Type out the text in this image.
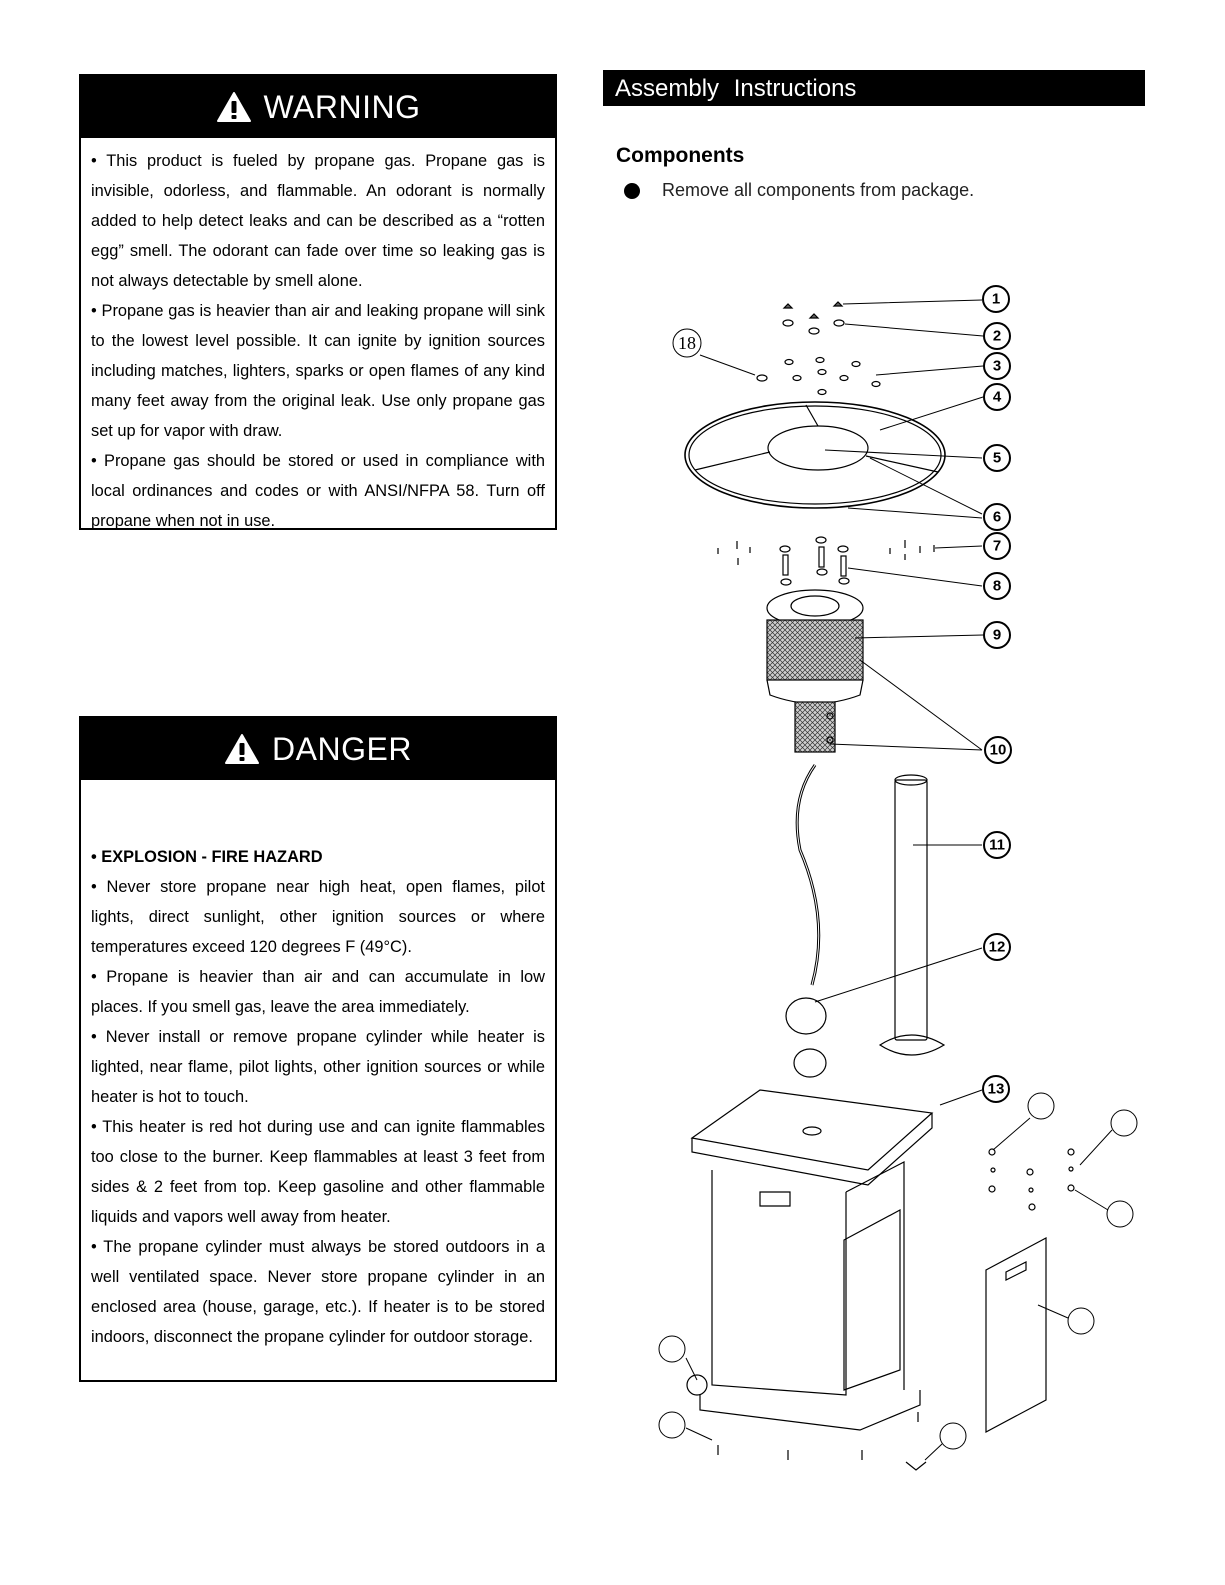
WARNING

• This product is fueled by propane gas. Propane gas is invisible, odorless, and flammable. An odorant is normally added to help detect leaks and can be described as a “rotten egg” smell. The odorant can fade over time so leaking gas is not always detectable by smell alone.

• Propane gas is heavier than air and leaking propane will sink to the lowest level possible. It can ignite by ignition sources including matches, lighters, sparks or open flames of any kind many feet away from the original leak. Use only propane gas set up for vapor with draw.

• Propane gas should be stored or used in compliance with local ordinances and codes or with ANSI/NFPA 58. Turn off propane when not in use.

DANGER

• EXPLOSION - FIRE HAZARD

• Never store propane near high heat, open flames, pilot lights, direct sunlight, other ignition sources or where temperatures exceed 120 degrees F (49°C).

• Propane is heavier than air and can accumulate in low places. If you smell gas, leave the area immediately.

• Never install or remove propane cylinder while heater is lighted, near flame, pilot lights, other ignition sources or while heater is hot to touch.

• This heater is red hot during use and can ignite flammables too close to the burner. Keep flammables at least 3 feet from sides & 2 feet from top. Keep gasoline and other flammable liquids and vapors well away from heater.

• The propane cylinder must always be stored outdoors in a well ventilated space. Never store propane cylinder in an enclosed area (house, garage, etc.). If heater is to be stored indoors, disconnect the propane cylinder for outdoor storage.

Assembly Instructions
Components
Remove all components from package.
1
2
3
4
5
6
7
8
9
10
11
12
13
18
